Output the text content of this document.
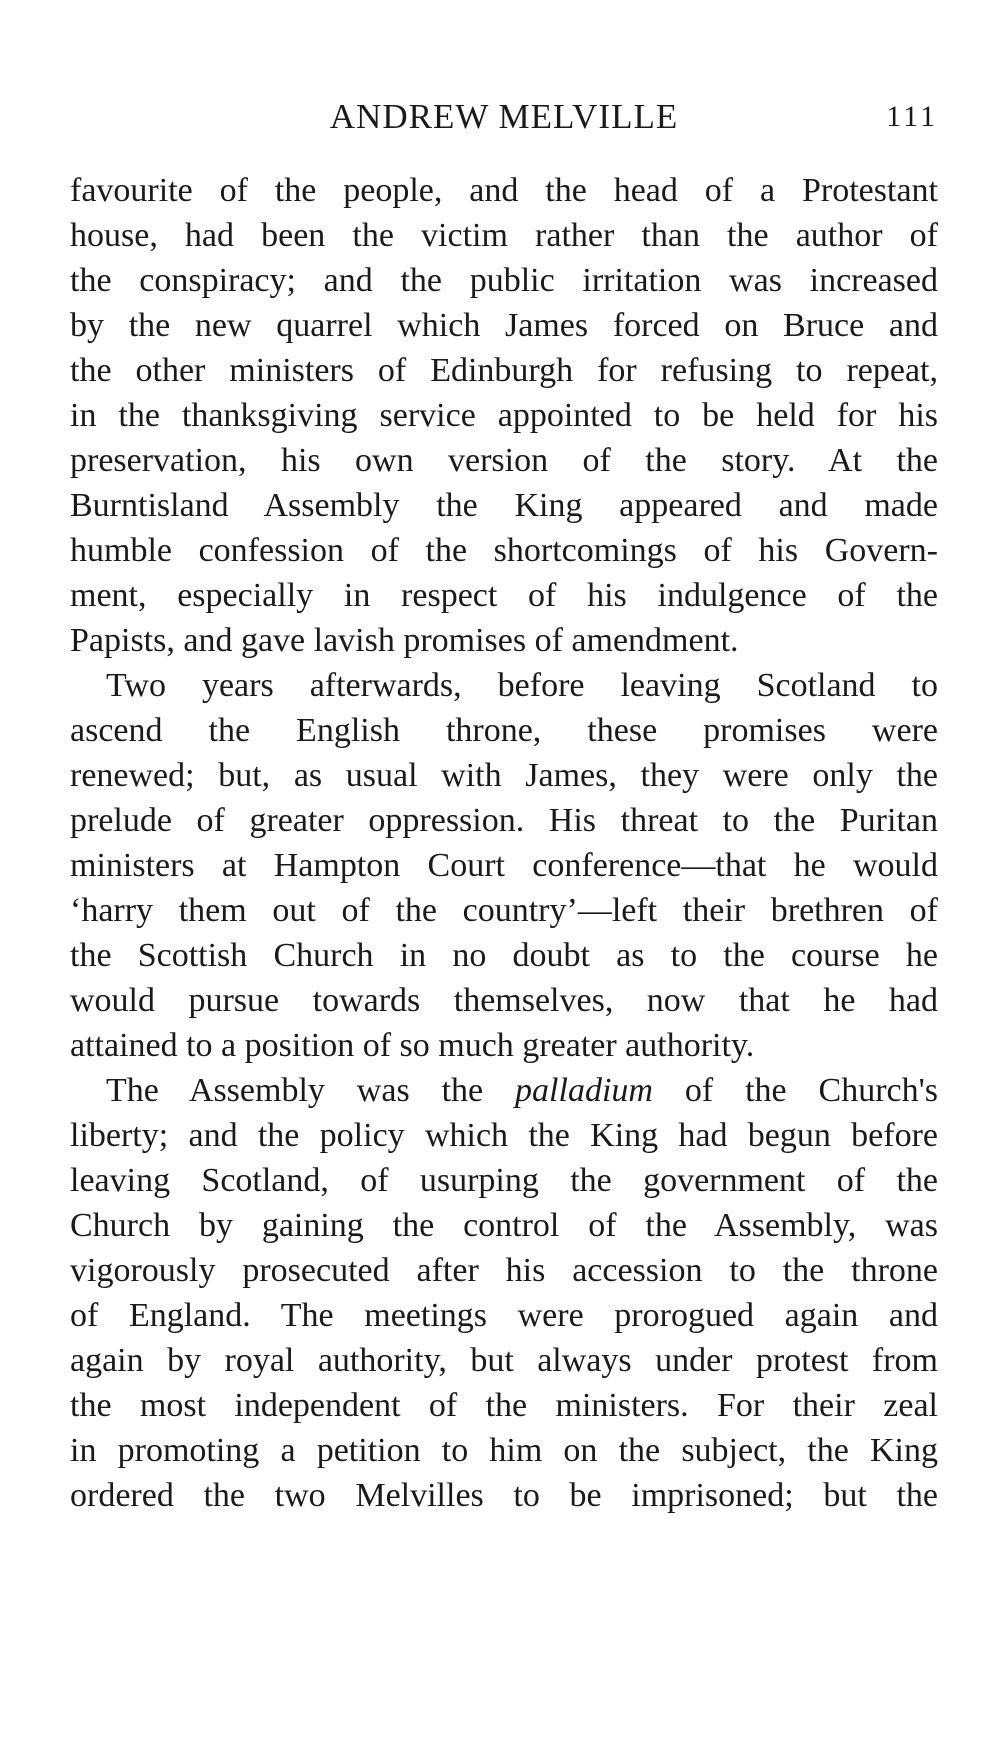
ANDREW MELVILLE	111
favourite of the people, and the head of a Protestant
house, had been the victim rather than the author of
the conspiracy; and the public irritation was increased
by the new quarrel which James forced on Bruce and
the other ministers of Edinburgh for refusing to repeat,
in the thanksgiving service appointed to be held for his
preservation, his own version of the story. At the
Burntisland Assembly the King appeared and made
humble confession of the shortcomings of his Govern-
ment, especially in respect of his indulgence of the
Papists, and gave lavish promises of amendment.
Two years afterwards, before leaving Scotland to
ascend the English throne, these promises were
renewed; but, as usual with James, they were only the
prelude of greater oppression. His threat to the Puritan
ministers at Hampton Court conference—that he would
‘harry them out of the country’—left their brethren of
the Scottish Church in no doubt as to the course he
would pursue towards themselves, now that he had
attained to a position of so much greater authority.
The Assembly was the palladium of the Church's
liberty; and the policy which the King had begun before
leaving Scotland, of usurping the government of the
Church by gaining the control of the Assembly, was
vigorously prosecuted after his accession to the throne
of England. The meetings were prorogued again and
again by royal authority, but always under protest from
the most independent of the ministers. For their zeal
in promoting a petition to him on the subject, the King
ordered the two Melvilles to be imprisoned; but the
